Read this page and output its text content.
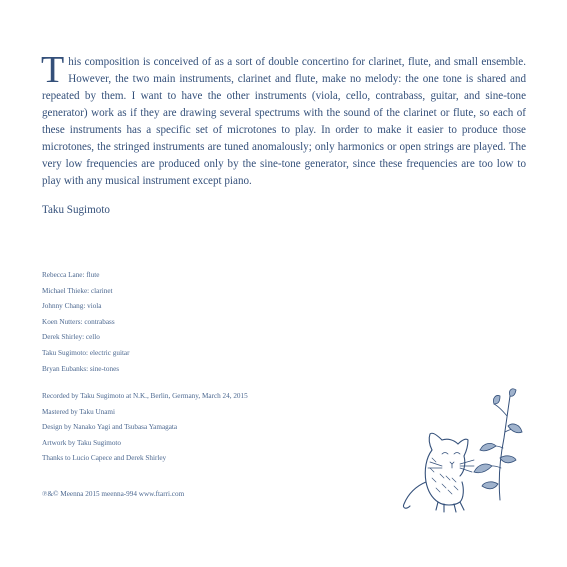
This composition is conceived of as a sort of double concertino for clarinet, flute, and small ensemble. However, the two main instruments, clarinet and flute, make no melody: the one tone is shared and repeated by them. I want to have the other instruments (viola, cello, contrabass, guitar, and sine-tone generator) work as if they are drawing several spectrums with the sound of the clarinet or flute, so each of these instruments has a specific set of microtones to play. In order to make it easier to produce those microtones, the stringed instruments are tuned anomalously; only harmonics or open strings are played. The very low frequencies are produced only by the sine-tone generator, since these frequencies are too low to play with any musical instrument except piano.

Taku Sugimoto
Rebecca Lane: flute
Michael Thieke: clarinet
Johnny Chang: viola
Koen Nutters: contrabass
Derek Shirley: cello
Taku Sugimoto: electric guitar
Bryan Eubanks: sine-tones
Recorded by Taku Sugimoto at N.K., Berlin, Germany, March 24, 2015
Mastered by Taku Unami
Design by Nanako Yagi and Tsubasa Yamagata
Artwork by Taku Sugimoto
Thanks to Lucio Capece and Derek Shirley
℗&© Meenna 2015 meenna-994 www.ftarri.com
